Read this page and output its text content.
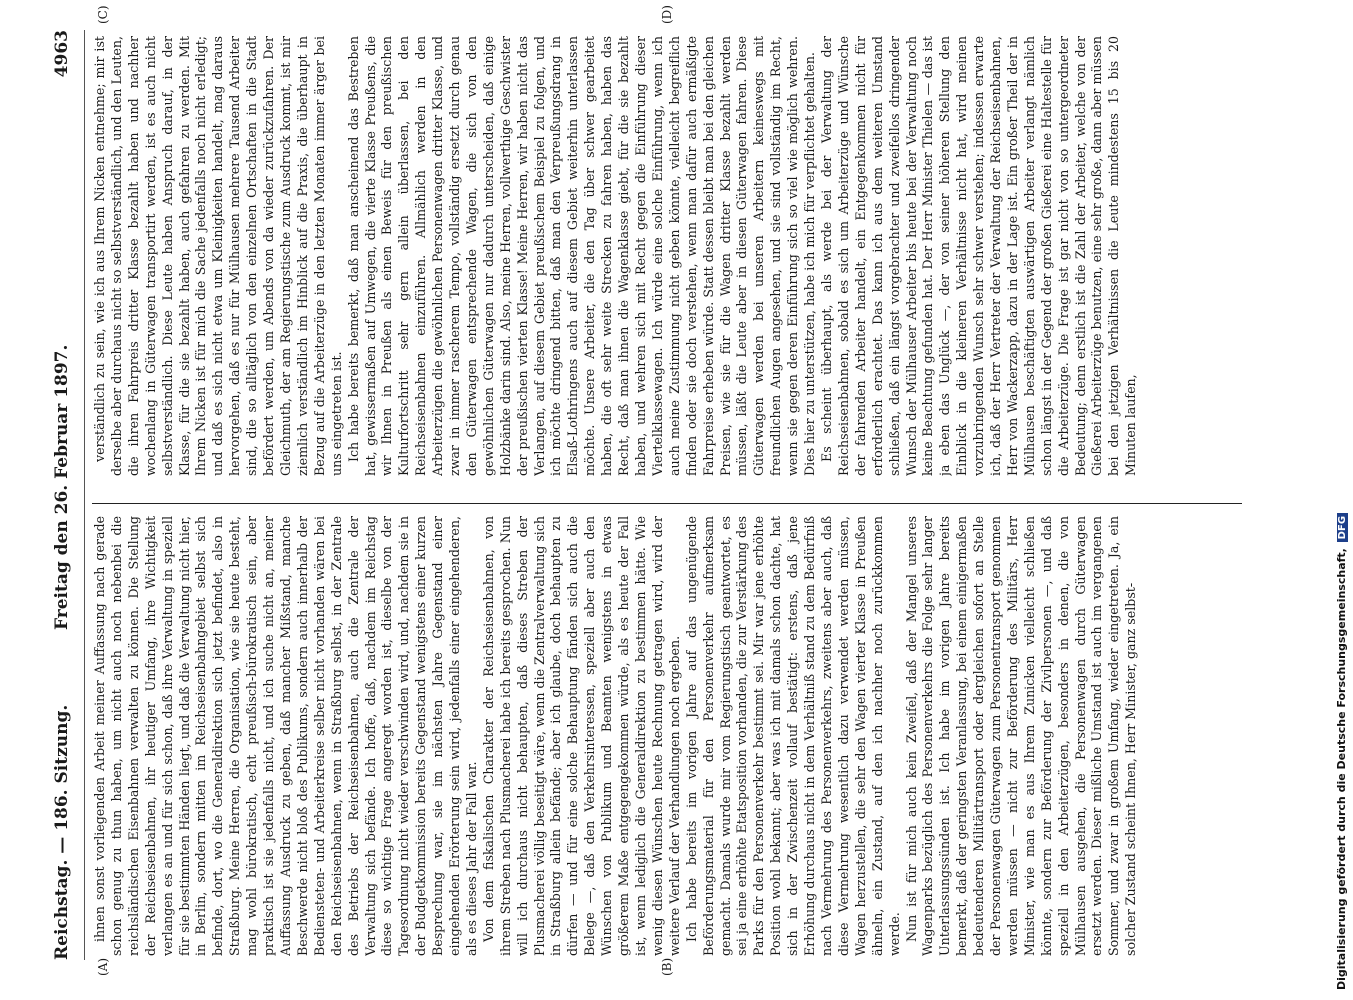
Reichstag. — 186. Sitzung.
Freitag den 26. Februar 1897.
4963

ihnen sonst vorliegenden Arbeit meiner Auffassung nach gerade schon genug zu thun haben, um nicht auch noch nebenbei die reichsländischen Eisenbahnen verwalten zu können. Die Stellung der Reichseisenbahnen, ihr heutiger Umfang, ihre Wichtigkeit verlangen es an und für sich schon, daß ihre Verwaltung in speziell für sie bestimmten Händen liegt, und daß die Verwaltung nicht hier, in Berlin, sondern mitten im Reichseisenbahngebiet selbst sich befinde, dort, wo die Generaldirektion sich jetzt befindet, also in Straßburg. Meine Herren, die Organisation, wie sie heute besteht, mag wohl bürokratisch, echt preußisch-bürokratisch sein, aber praktisch ist sie jedenfalls nicht, und ich suche nicht an, meiner Auffassung Ausdruck zu geben, daß mancher Mißstand, manche Beschwerde nicht bloß des Publikums, sondern auch innerhalb der Bediensteten- und Arbeiterkreise selber nicht vorhanden wären bei den Reichseisenbahnen, wenn in Straßburg selbst, in der Zentrale des Betriebs der Reichseisenbahnen, auch die Zentrale der Verwaltung sich befände. Ich hoffe, daß, nachdem im Reichstag diese so wichtige Frage angeregt worden ist, dieselbe von der Tagesordnung nicht wieder verschwinden wird, und, nachdem sie in der Budgetkommission bereits Gegenstand wenigstens einer kurzen Besprechung war, sie im nächsten Jahre Gegenstand einer eingehenden Erörterung sein wird, jedenfalls einer eingehenderen, als es dieses Jahr der Fall war. Von dem fiskalischen Charakter der Reichseisenbahnen, von ihrem Streben nach Plusmacherei habe ich bereits gesprochen. Nun will ich durchaus nicht behaupten, daß dieses Streben der Plusmacherei völlig beseitigt wäre, wenn die Zentralverwaltung sich in Straßburg allein befände; aber ich glaube, doch behaupten zu dürfen — und für eine solche Behauptung fänden sich auch die Belege —, daß den Verkehrsinteressen, speziell aber auch den Wünschen von Publikum und Beamten wenigstens in etwas größerem Maße entgegengekommen würde, als es heute der Fall ist, wenn lediglich die Generaldirektion zu bestimmen hätte. Wie wenig diesen Wünschen heute Rechnung getragen wird, wird der weitere Verlauf der Verhandlungen noch ergeben. Ich habe bereits im vorigen Jahre auf das ungenügende Beförderungsmaterial für den Personenverkehr aufmerksam gemacht. Damals wurde mir vom Regierungstisch geantwortet, es sei ja eine erhöhte Etatsposition vorhanden, die zur Verstärkung des Parks für den Personenverkehr bestimmt sei. Mir war jene erhöhte Position wohl bekannt; aber was ich mit damals schon dachte, hat sich in der Zwischenzeit vollauf bestätigt: erstens, daß jene Erhöhung durchaus nicht in dem Verhältniß stand zu dem Bedürfniß nach Vermehrung des Personenverkehrs, zweitens aber auch, daß diese Vermehrung wesentlich dazu verwendet werden müssen, Wagen herzustellen, die sehr den Wagen vierter Klasse in Preußen ähneln, ein Zustand, auf den ich nachher noch zurückkommen werde. Nun ist für mich auch kein Zweifel, daß der Mangel unseres Wagenparks bezüglich des Personenverkehrs die Folge sehr langer Unterlassungssünden ist. Ich habe im vorigen Jahre bereits bemerkt, daß der geringsten Veranlassung, bei einem einigermaßen bedeutenderen Militärtransport oder dergleichen sofort an Stelle der Personenwagen Güterwagen zum Personentransport genommen werden müssen — nicht zur Beförderung des Militärs, Herr Minister, wie man es aus Ihrem Zunicken vielleicht schließen könnte, sondern zur Beförderung der Zivilpersonen —, und daß speziell in den Arbeiterzügen, besonders in denen, die von Mülhausen ausgehen, die Personenwagen durch Güterwagen ersetzt werden. Dieser mißliche Umstand ist auch im vergangenen Sommer, und zwar in großem Umfang, wieder eingetreten. Ja, ein solcher Zustand scheint Ihnen, Herr Minister, ganz selbst-

verständlich zu sein, wie ich aus Ihrem Nicken entnehme; mir ist derselbe aber durchaus nicht so selbstverständlich, und den Leuten, die ihren Fahrpreis dritter Klasse bezahlt haben und nachher wochenlang in Güterwagen transportirt werden, ist es auch nicht selbstverständlich. Diese Leute haben Anspruch darauf, in der Klasse, für die sie bezahlt haben, auch gefahren zu werden. Mit Ihrem Nicken ist für mich die Sache jedenfalls noch nicht erledigt; und daß es sich nicht etwa um Kleinigkeiten handelt, mag daraus hervorgehen, daß es nur für Mülhausen mehrere Tausend Arbeiter sind, die so alltäglich von den einzelnen Ortschaften in die Stadt befördert werden, um Abends von da wieder zurückzufahren. Der Gleichmuth, der am Regierungstische zum Ausdruck kommt, ist mir ziemlich verständlich im Hinblick auf die Praxis, die überhaupt in Bezug auf die Arbeiterzüge in den letzten Monaten immer ärger bei uns eingetreten ist. Ich habe bereits bemerkt, daß man anscheinend das Bestreben hat, gewissermaßen auf Umwegen, die vierte Klasse Preußens, die wir Ihnen in Preußen als einen Beweis für den preußischen Kulturfortschritt sehr gern allein überlassen, bei den Reichseisenbahnen einzuführen. Allmählich werden in den Arbeiterzügen die gewöhnlichen Personenwagen dritter Klasse, und zwar in immer rascherem Tempo, vollständig ersetzt durch genau den Güterwagen entsprechende Wagen, die sich von den gewöhnlichen Güterwagen nur dadurch unterscheiden, daß einige Holzbänke darin sind. Also, meine Herren, vollwerthige Geschwister der preußischen vierten Klasse! Meine Herren, wir haben nicht das Verlangen, auf diesem Gebiet preußischem Beispiel zu folgen, und ich möchte dringend bitten, daß man den Verpreußungsdrang in Elsaß-Lothringens auch auf diesem Gebiet weiterhin unterlassen möchte. Unsere Arbeiter, die den Tag über schwer gearbeitet haben, die oft sehr weite Strecken zu fahren haben, haben das Recht, daß man ihnen die Wagenklasse giebt, für die sie bezahlt haben, und wehren sich mit Recht gegen die Einführung dieser Viertelklassewagen. Ich würde eine solche Einführung, wenn ich auch meine Zustimmung nicht geben könnte, vielleicht begreiflich finden oder sie doch verstehen, wenn man dafür auch ermäßigte Fahrpreise erheben würde. Statt dessen bleibt man bei den gleichen Preisen, wie sie für die Wagen dritter Klasse bezahlt werden müssen, läßt die Leute aber in diesen Güterwagen fahren. Diese Güterwagen werden bei unseren Arbeitern keineswegs mit freundlichen Augen angesehen, und sie sind vollständig im Recht, wenn sie gegen deren Einführung sich so viel wie möglich wehren. Dies hier zu unterstützen, habe ich mich für verpflichtet gehalten. Es scheint überhaupt, als werde bei der Verwaltung der Reichseisenbahnen, sobald es sich um Arbeiterzüge und Wünsche der fahrenden Arbeiter handelt, ein Entgegenkommen nicht für erforderlich erachtet. Das kann ich aus dem weiteren Umstand schließen, daß ein längst vorgebrachter und zweifellos dringender Wunsch der Mülhauser Arbeiter bis heute bei der Verwaltung noch keine Beachtung gefunden hat. Der Herr Minister Thielen — das ist ja eben das Unglück —, der von seiner höheren Stellung den Einblick in die kleineren Verhältnisse nicht hat, wird meinen vorzubringenden Wunsch sehr schwer verstehen; indessen erwarte ich, daß der Herr Vertreter der Verwaltung der Reichseisenbahnen, Herr von Wackerzapp, dazu in der Lage ist. Ein großer Theil der in Mülhausen beschäftigten auswärtigen Arbeiter verlangt nämlich schon längst in der Gegend der großen Gießerei eine Haltestelle für die Arbeiterzüge. Die Frage ist gar nicht von so untergeordneter Bedeutung; denn erstlich ist die Zahl der Arbeiter, welche von der Gießerei Arbeiterzüge benutzen, eine sehr große, dann aber müssen bei den jetzigen Verhältnissen die Leute mindestens 15 bis 20 Minuten laufen,

(A)	(B)
(C)	(D)
Digitalisierung gefördert durch die Deutsche Forschungsgemeinschaft, DFG
